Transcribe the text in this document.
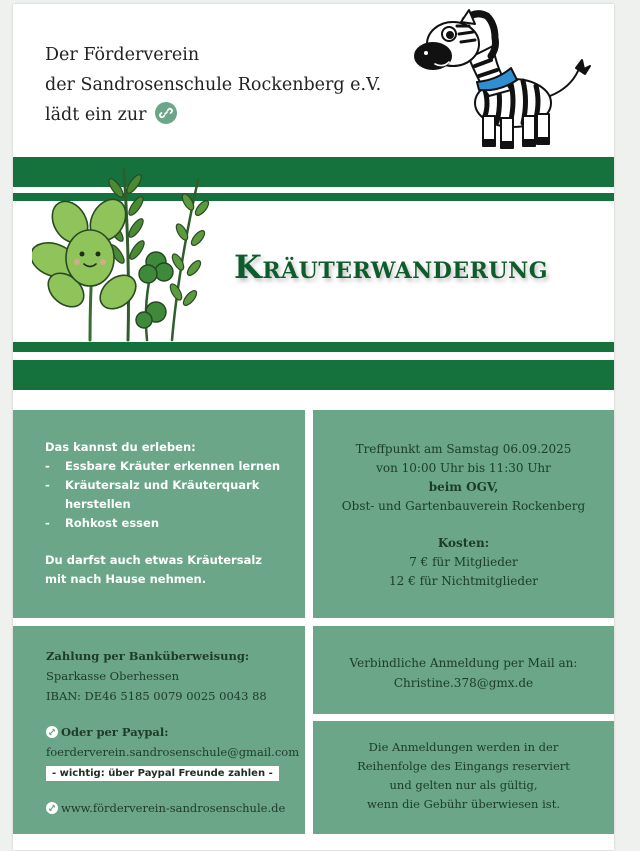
Der Förderverein
der Sandrosenschule Rockenberg e.V.
lädt ein zur
Kräuterwanderung
Das kannst du erleben:
- Essbare Kräuter erkennen lernen
- Kräutersalz und Kräuterquark herstellen
- Rohkost essen
Du darfst auch etwas Kräutersalz
mit nach Hause nehmen.
Treffpunkt am Samstag 06.09.2025
von 10:00 Uhr bis 11:30 Uhr
beim OGV,
Obst- und Gartenbauverein Rockenberg
Kosten:
7 € für Mitglieder
12 € für Nichtmitglieder
Zahlung per Banküberweisung:
Sparkasse Oberhessen
IBAN: DE46 5185 0079 0025 0043 88
Oder per Paypal:
foerderverein.sandrosenschule@gmail.com
- wichtig: über Paypal Freunde zahlen -
www.förderverein-sandrosenschule.de
Verbindliche Anmeldung per Mail an:
Christine.378@gmx.de
Die Anmeldungen werden in der
Reihenfolge des Eingangs reserviert
und gelten nur als gültig,
wenn die Gebühr überwiesen ist.
